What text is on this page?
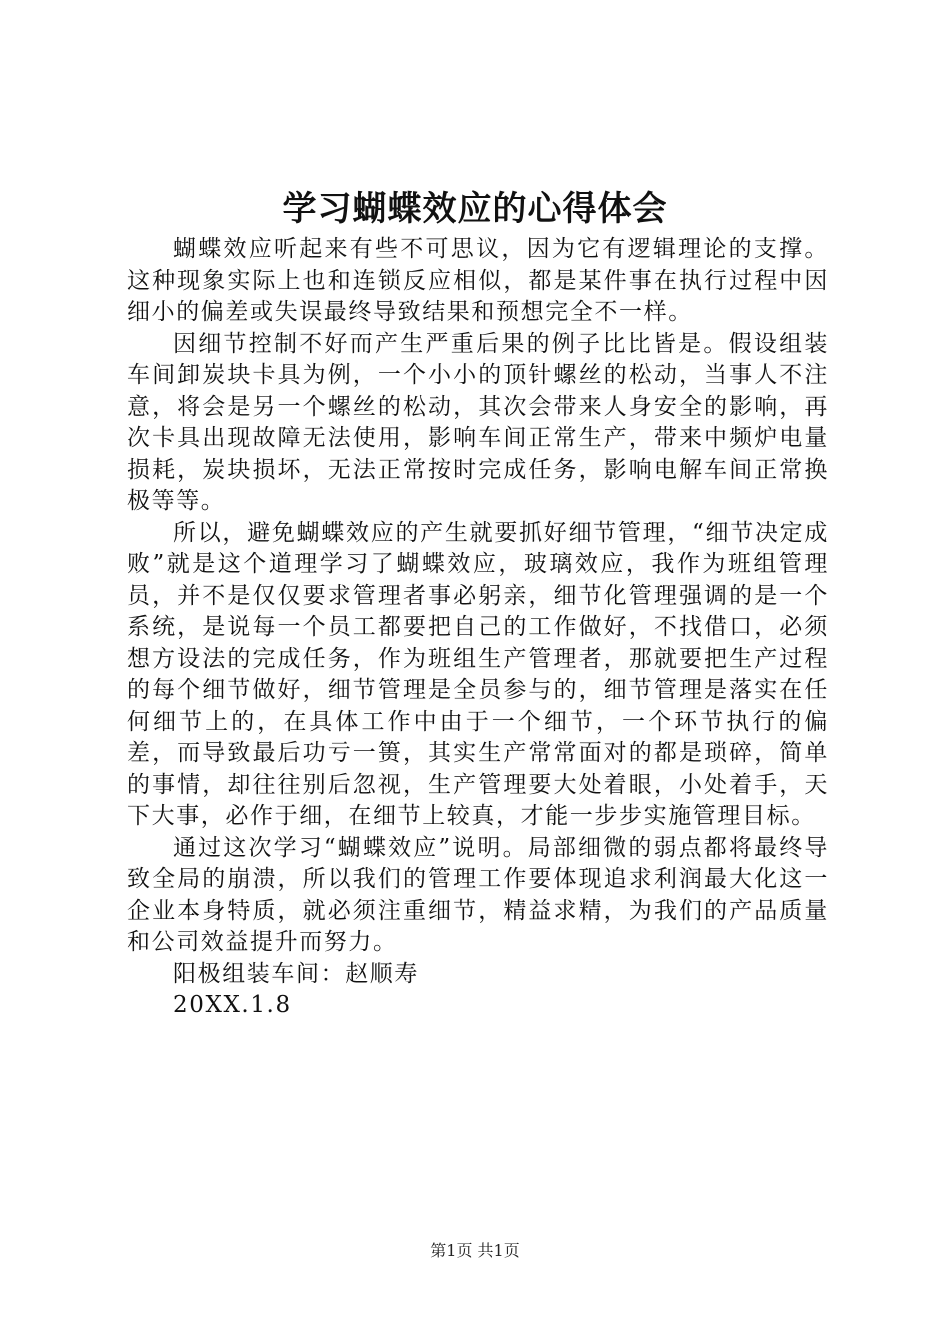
学习蝴蝶效应的心得体会

蝴蝶效应听起来有些不可思议，因为它有逻辑理论的支撑。这种现象实际上也和连锁反应相似，都是某件事在执行过程中因细小的偏差或失误最终导致结果和预想完全不一样。

因细节控制不好而产生严重后果的例子比比皆是。假设组装车间卸炭块卡具为例，一个小小的顶针螺丝的松动，当事人不注意，将会是另一个螺丝的松动，其次会带来人身安全的影响，再次卡具出现故障无法使用，影响车间正常生产，带来中频炉电量损耗，炭块损坏，无法正常按时完成任务，影响电解车间正常换极等等。

所以，避免蝴蝶效应的产生就要抓好细节管理，“细节决定成败”就是这个道理学习了蝴蝶效应，玻璃效应，我作为班组管理员，并不是仅仅要求管理者事必躬亲，细节化管理强调的是一个系统，是说每一个员工都要把自己的工作做好，不找借口，必须想方设法的完成任务，作为班组生产管理者，那就要把生产过程的每个细节做好，细节管理是全员参与的，细节管理是落实在任何细节上的，在具体工作中由于一个细节，一个环节执行的偏差，而导致最后功亏一篑，其实生产常常面对的都是琐碎，简单的事情，却往往别后忽视，生产管理要大处着眼，小处着手，天下大事，必作于细，在细节上较真，才能一步步实施管理目标。

通过这次学习“蝴蝶效应”说明。局部细微的弱点都将最终导致全局的崩溃，所以我们的管理工作要体现追求利润最大化这一企业本身特质，就必须注重细节，精益求精，为我们的产品质量和公司效益提升而努力。

阳极组装车间：赵顺寿

20XX.1.8

第1页 共1页
